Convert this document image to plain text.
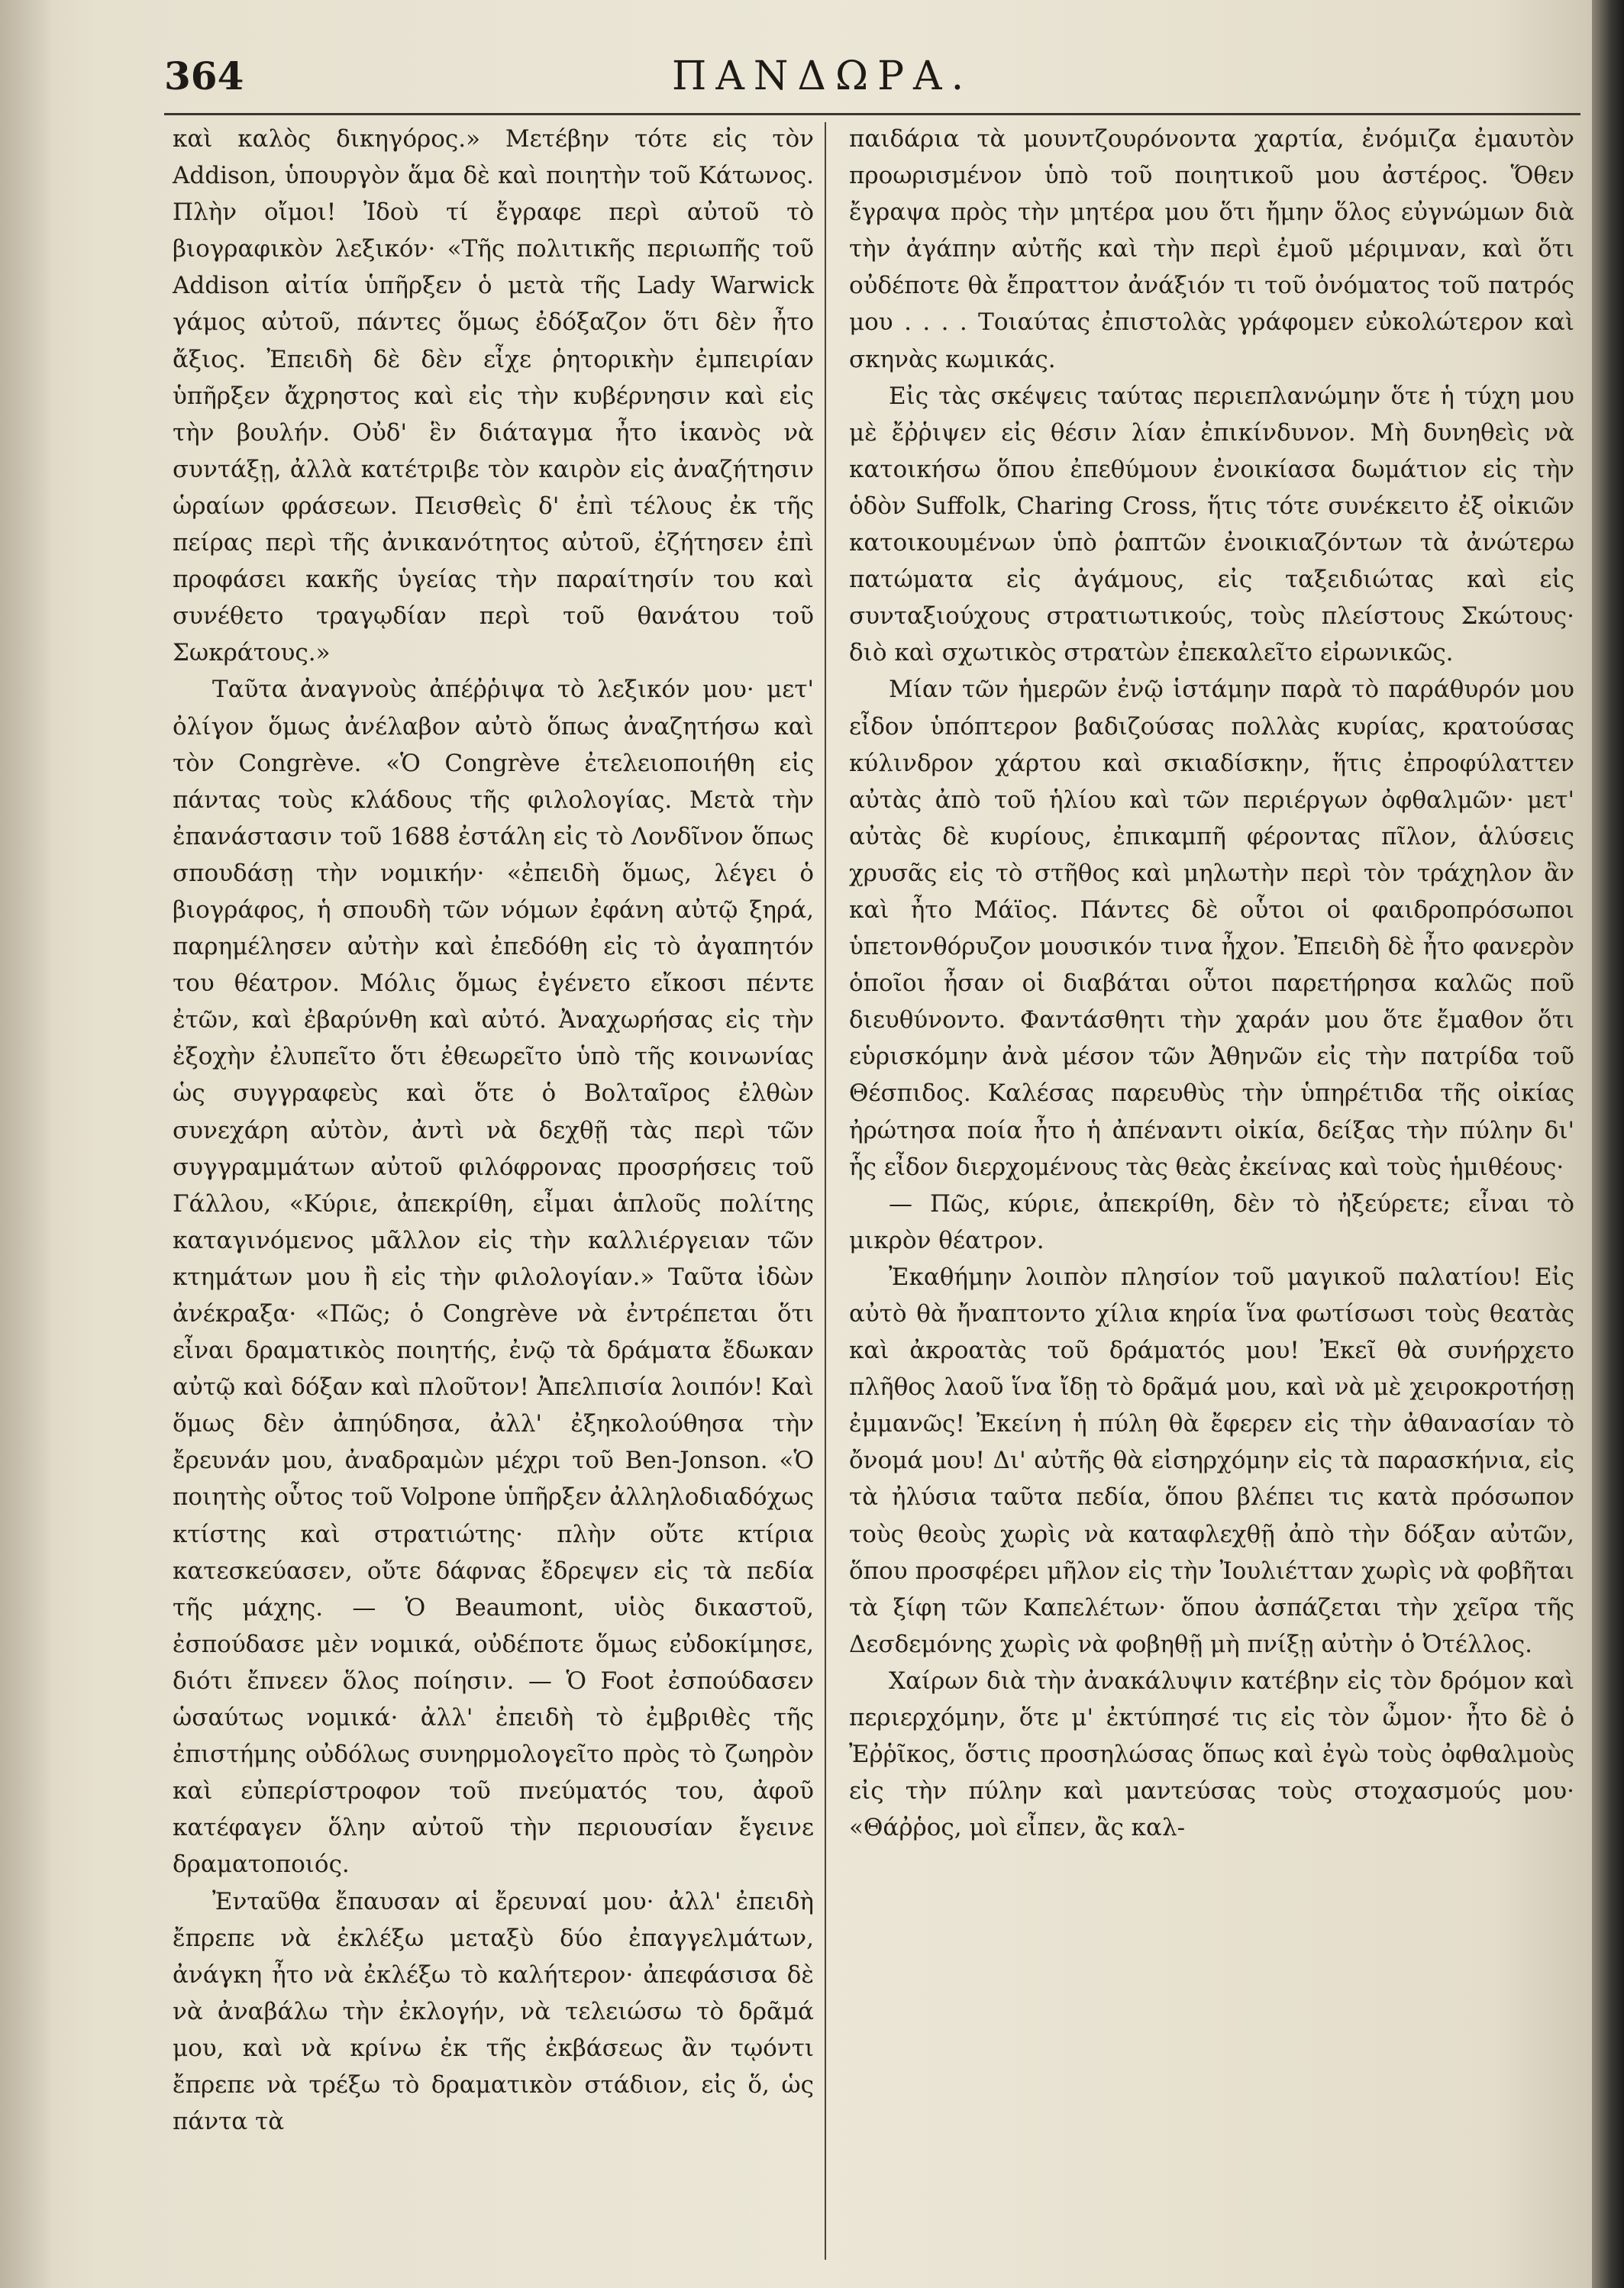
364	ΠΑΝΔΩΡΑ.

καὶ καλὸς δικηγόρος.» Μετέβην τότε εἰς τὸν Addison, ὑπουργὸν ἅμα δὲ καὶ ποιητὴν τοῦ Κάτωνος. Πλὴν οἴμοι! Ἰδοὺ τί ἔγραφε περὶ αὐτοῦ τὸ βιογραφικὸν λεξικόν· «Τῆς πολιτικῆς περιωπῆς τοῦ Addison αἰτία ὑπῆρξεν ὁ μετὰ τῆς Lady Warwick γάμος αὐτοῦ, πάντες ὅμως ἐδόξαζον ὅτι δὲν ἦτο ἄξιος. Ἐπειδὴ δὲ δὲν εἶχε ῥητορικὴν ἐμπειρίαν ὑπῆρξεν ἄχρηστος καὶ εἰς τὴν κυβέρνησιν καὶ εἰς τὴν βουλήν. Οὐδ' ἓν διάταγμα ἦτο ἱκανὸς νὰ συντάξῃ, ἀλλὰ κατέτριβε τὸν καιρὸν εἰς ἀναζήτησιν ὡραίων φράσεων. Πεισθεὶς δ' ἐπὶ τέλους ἐκ τῆς πείρας περὶ τῆς ἀνικανότητος αὐτοῦ, ἐζήτησεν ἐπὶ προφάσει κακῆς ὑγείας τὴν παραίτησίν του καὶ συνέθετο τραγῳδίαν περὶ τοῦ θανάτου τοῦ Σωκράτους.»

Ταῦτα ἀναγνοὺς ἀπέῤῥιψα τὸ λεξικόν μου· μετ' ὀλίγον ὅμως ἀνέλαβον αὐτὸ ὅπως ἀναζητήσω καὶ τὸν Congrève. «Ὁ Congrève ἐτελειοποιήθη εἰς πάντας τοὺς κλάδους τῆς φιλολογίας. Μετὰ τὴν ἐπανάστασιν τοῦ 1688 ἐστάλη εἰς τὸ Λονδῖνον ὅπως σπουδάσῃ τὴν νομικήν· «ἐπειδὴ ὅμως, λέγει ὁ βιογράφος, ἡ σπουδὴ τῶν νόμων ἐφάνη αὐτῷ ξηρά, παρημέλησεν αὐτὴν καὶ ἐπεδόθη εἰς τὸ ἀγαπητόν του θέατρον. Μόλις ὅμως ἐγένετο εἴκοσι πέντε ἐτῶν, καὶ ἐβαρύνθη καὶ αὐτό. Ἀναχωρήσας εἰς τὴν ἐξοχὴν ἐλυπεῖτο ὅτι ἐθεωρεῖτο ὑπὸ τῆς κοινωνίας ὡς συγγραφεὺς καὶ ὅτε ὁ Βολταῖρος ἐλθὼν συνεχάρη αὐτὸν, ἀντὶ νὰ δεχθῇ τὰς περὶ τῶν συγγραμμάτων αὐτοῦ φιλόφρονας προσρήσεις τοῦ Γάλλου, «Κύριε, ἀπεκρίθη, εἶμαι ἁπλοῦς πολίτης καταγινόμενος μᾶλλον εἰς τὴν καλλιέργειαν τῶν κτημάτων μου ἢ εἰς τὴν φιλολογίαν.» Ταῦτα ἰδὼν ἀνέκραξα· «Πῶς; ὁ Congrève νὰ ἐντρέπεται ὅτι εἶναι δραματικὸς ποιητής, ἐνῷ τὰ δράματα ἔδωκαν αὐτῷ καὶ δόξαν καὶ πλοῦτον! Ἀπελπισία λοιπόν! Καὶ ὅμως δὲν ἀπηύδησα, ἀλλ' ἐξηκολούθησα τὴν ἔρευνάν μου, ἀναδραμὼν μέχρι τοῦ Ben-Jonson. «Ὁ ποιητὴς οὗτος τοῦ Volpone ὑπῆρξεν ἀλληλοδιαδόχως κτίστης καὶ στρατιώτης· πλὴν οὔτε κτίρια κατεσκεύασεν, οὔτε δάφνας ἔδρεψεν εἰς τὰ πεδία τῆς μάχης. — Ὁ Beaumont, υἱὸς δικαστοῦ, ἐσπούδασε μὲν νομικά, οὐδέποτε ὅμως εὐδοκίμησε, διότι ἔπνεεν ὅλος ποίησιν. — Ὁ Foot ἐσπούδασεν ὡσαύτως νομικά· ἀλλ' ἐπειδὴ τὸ ἐμβριθὲς τῆς ἐπιστήμης οὐδόλως συνηρμολογεῖτο πρὸς τὸ ζωηρὸν καὶ εὐπερίστροφον τοῦ πνεύματός του, ἀφοῦ κατέφαγεν ὅλην αὐτοῦ τὴν περιουσίαν ἔγεινε δραματοποιός.

Ἐνταῦθα ἔπαυσαν αἱ ἔρευναί μου· ἀλλ' ἐπειδὴ ἔπρεπε νὰ ἐκλέξω μεταξὺ δύο ἐπαγγελμάτων, ἀνάγκη ἦτο νὰ ἐκλέξω τὸ καλήτερον· ἀπεφάσισα δὲ νὰ ἀναβάλω τὴν ἐκλογήν, νὰ τελειώσω τὸ δρᾶμά μου, καὶ νὰ κρίνω ἐκ τῆς ἐκβάσεως ἂν τῳόντι ἔπρεπε νὰ τρέξω τὸ δραματικὸν στάδιον, εἰς ὅ, ὡς πάντα τὰ

παιδάρια τὰ μουντζουρόνοντα χαρτία, ἐνόμιζα ἐμαυτὸν προωρισμένον ὑπὸ τοῦ ποιητικοῦ μου ἀστέρος. Ὅθεν ἔγραψα πρὸς τὴν μητέρα μου ὅτι ἤμην ὅλος εὐγνώμων διὰ τὴν ἀγάπην αὐτῆς καὶ τὴν περὶ ἐμοῦ μέριμναν, καὶ ὅτι οὐδέποτε θὰ ἔπραττον ἀνάξιόν τι τοῦ ὀνόματος τοῦ πατρός μου . . . . Τοιαύτας ἐπιστολὰς γράφομεν εὐκολώτερον καὶ σκηνὰς κωμικάς.

Εἰς τὰς σκέψεις ταύτας περιεπλανώμην ὅτε ἡ τύχη μου μὲ ἔῤῥιψεν εἰς θέσιν λίαν ἐπικίνδυνον. Μὴ δυνηθεὶς νὰ κατοικήσω ὅπου ἐπεθύμουν ἐνοικίασα δωμάτιον εἰς τὴν ὁδὸν Suffolk, Charing Cross, ἥτις τότε συνέκειτο ἐξ οἰκιῶν κατοικουμένων ὑπὸ ῥαπτῶν ἐνοικιαζόντων τὰ ἀνώτερω πατώματα εἰς ἀγάμους, εἰς ταξειδιώτας καὶ εἰς συνταξιούχους στρατιωτικούς, τοὺς πλείστους Σκώτους· διὸ καὶ σχωτικὸς στρατὼν ἐπεκαλεῖτο εἰρωνικῶς.

Μίαν τῶν ἡμερῶν ἐνῷ ἱστάμην παρὰ τὸ παράθυρόν μου εἶδον ὑπόπτερον βαδιζούσας πολλὰς κυρίας, κρατούσας κύλινδρον χάρτου καὶ σκιαδίσκην, ἥτις ἐπροφύλαττεν αὐτὰς ἀπὸ τοῦ ἡλίου καὶ τῶν περιέργων ὀφθαλμῶν· μετ' αὐτὰς δὲ κυρίους, ἐπικαμπῆ φέροντας πῖλον, ἁλύσεις χρυσᾶς εἰς τὸ στῆθος καὶ μηλωτὴν περὶ τὸν τράχηλον ἂν καὶ ἦτο Μάϊος. Πάντες δὲ οὗτοι οἱ φαιδροπρόσωποι ὑπετονθόρυζον μουσικόν τινα ἦχον. Ἐπειδὴ δὲ ἦτο φανερὸν ὁποῖοι ἦσαν οἱ διαβάται οὗτοι παρετήρησα καλῶς ποῦ διευθύνοντο. Φαντάσθητι τὴν χαράν μου ὅτε ἔμαθον ὅτι εὑρισκόμην ἀνὰ μέσον τῶν Ἀθηνῶν εἰς τὴν πατρίδα τοῦ Θέσπιδος. Καλέσας παρευθὺς τὴν ὑπηρέτιδα τῆς οἰκίας ἠρώτησα ποία ἦτο ἡ ἀπέναντι οἰκία, δείξας τὴν πύλην δι' ἧς εἶδον διερχομένους τὰς θεὰς ἐκείνας καὶ τοὺς ἡμιθέους·

— Πῶς, κύριε, ἀπεκρίθη, δὲν τὸ ἠξεύρετε; εἶναι τὸ μικρὸν θέατρον.

Ἐκαθήμην λοιπὸν πλησίον τοῦ μαγικοῦ παλατίου! Εἰς αὐτὸ θὰ ἤναπτοντο χίλια κηρία ἵνα φωτίσωσι τοὺς θεατὰς καὶ ἀκροατὰς τοῦ δράματός μου! Ἐκεῖ θὰ συνήρχετο πλῆθος λαοῦ ἵνα ἴδῃ τὸ δρᾶμά μου, καὶ νὰ μὲ χειροκροτήσῃ ἐμμανῶς! Ἐκείνη ἡ πύλη θὰ ἔφερεν εἰς τὴν ἀθανασίαν τὸ ὄνομά μου! Δι' αὐτῆς θὰ εἰσηρχόμην εἰς τὰ παρασκήνια, εἰς τὰ ἠλύσια ταῦτα πεδία, ὅπου βλέπει τις κατὰ πρόσωπον τοὺς θεοὺς χωρὶς νὰ καταφλεχθῇ ἀπὸ τὴν δόξαν αὐτῶν, ὅπου προσφέρει μῆλον εἰς τὴν Ἰουλιέτταν χωρὶς νὰ φοβῆται τὰ ξίφη τῶν Καπελέτων· ὅπου ἀσπάζεται τὴν χεῖρα τῆς Δεσδεμόνης χωρὶς νὰ φοβηθῇ μὴ πνίξῃ αὐτὴν ὁ Ὀτέλλος.

Χαίρων διὰ τὴν ἀνακάλυψιν κατέβην εἰς τὸν δρόμον καὶ περιερχόμην, ὅτε μ' ἐκτύπησέ τις εἰς τὸν ὦμον· ἦτο δὲ ὁ Ἐῤῥῖκος, ὅστις προσηλώσας ὅπως καὶ ἐγὼ τοὺς ὀφθαλμοὺς εἰς τὴν πύλην καὶ μαντεύσας τοὺς στοχασμούς μου· «Θάῤῥος, μοὶ εἶπεν, ἂς καλ-
